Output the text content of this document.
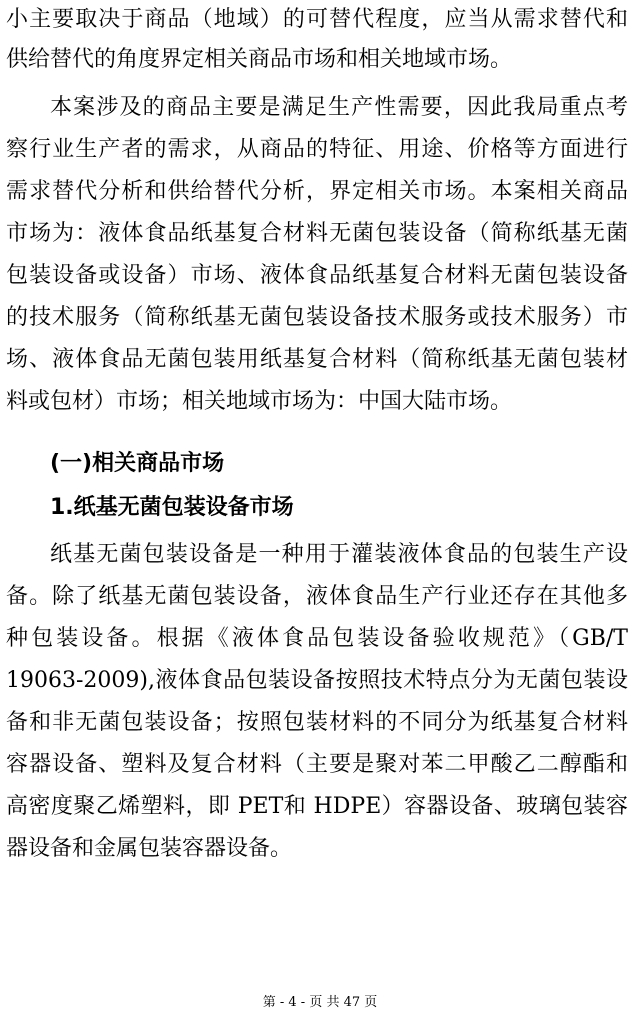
小主要取决于商品（地域）的可替代程度，应当从需求替代和
供给替代的角度界定相关商品市场和相关地域市场。
本案涉及的商品主要是满足生产性需要，因此我局重点考
察行业生产者的需求，从商品的特征、用途、价格等方面进行
需求替代分析和供给替代分析，界定相关市场。本案相关商品
市场为：液体食品纸基复合材料无菌包装设备（简称纸基无菌
包装设备或设备）市场、液体食品纸基复合材料无菌包装设备
的技术服务（简称纸基无菌包装设备技术服务或技术服务）市
场、液体食品无菌包装用纸基复合材料（简称纸基无菌包装材
料或包材）市场；相关地域市场为：中国大陆市场。
(一)相关商品市场
1.纸基无菌包装设备市场
纸基无菌包装设备是一种用于灌装液体食品的包装生产设
备。除了纸基无菌包装设备，液体食品生产行业还存在其他多
种包装设备。根据《液体食品包装设备验收规范》（GB/T
19063-2009),液体食品包装设备按照技术特点分为无菌包装设
备和非无菌包装设备；按照包装材料的不同分为纸基复合材料
容器设备、塑料及复合材料（主要是聚对苯二甲酸乙二醇酯和
高密度聚乙烯塑料，即 PET和 HDPE）容器设备、玻璃包装容
器设备和金属包装容器设备。
第 - 4 - 页 共 47 页
